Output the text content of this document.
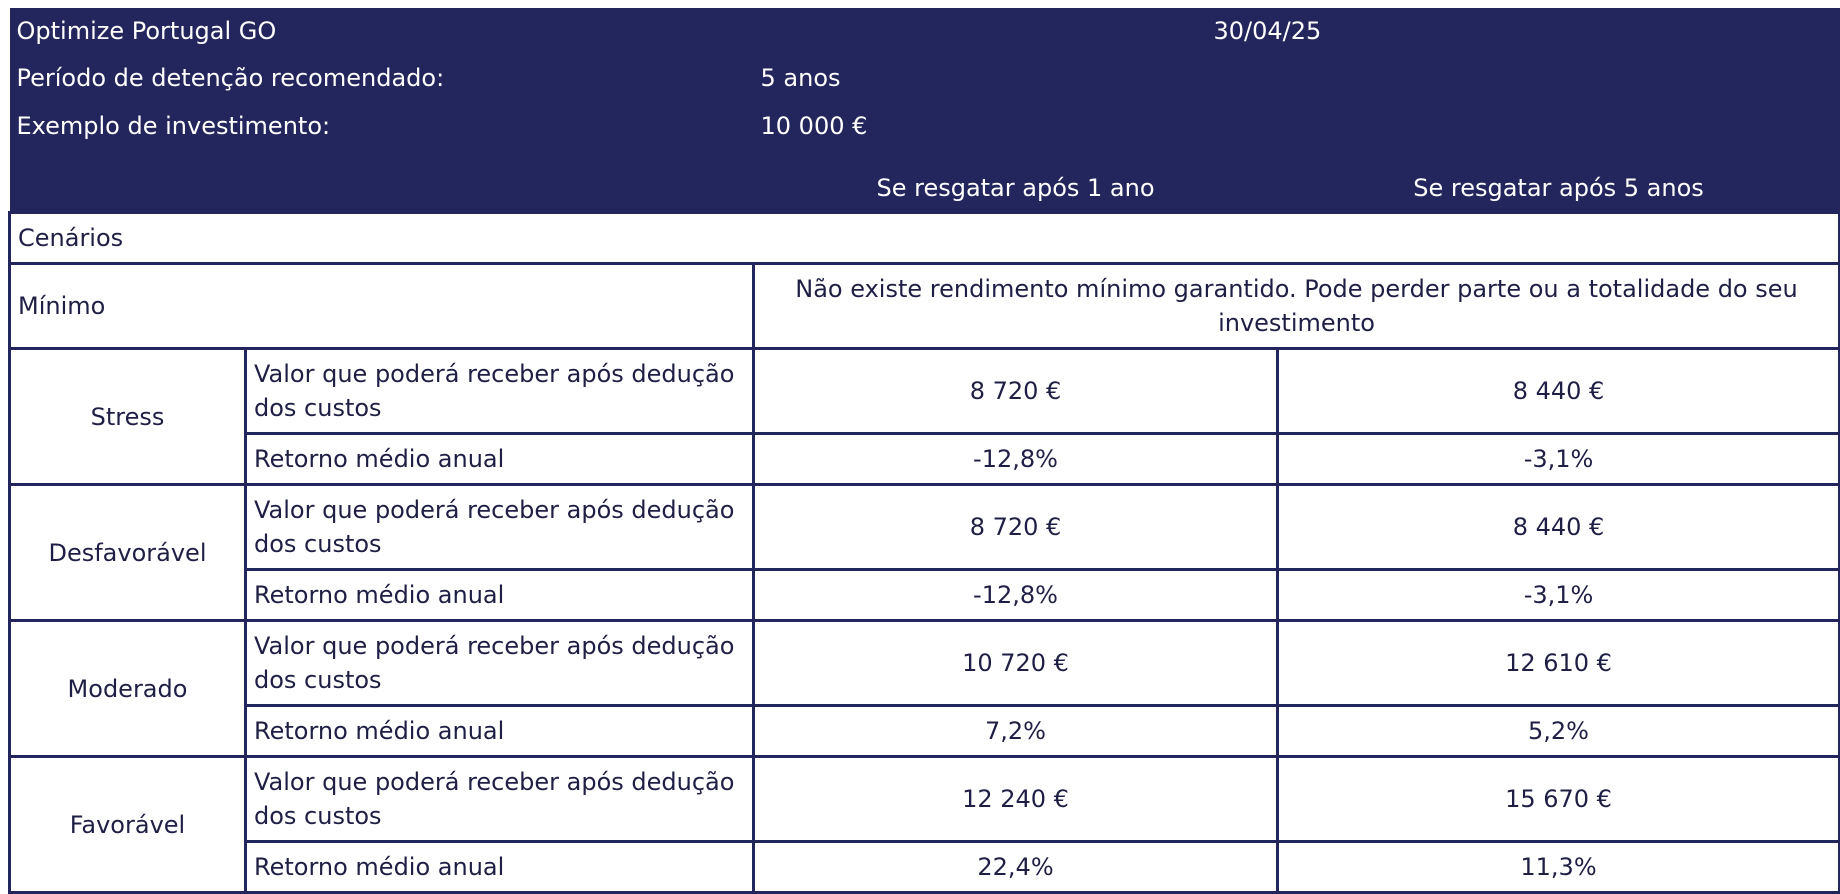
Optimize Portugal GO			30/04/25
Período de detenção recomendado:		5 anos	
Exemplo de investimento:		10 000 €	
		Se resgatar após 1 ano	Se resgatar após 5 anos
Cenários			
Mínimo		Não existe rendimento mínimo garantido. Pode perder parte ou a totalidade do seu investimento	
Stress	Valor que poderá receber após dedução dos custos	8 720 €	8 440 €
	Retorno médio anual	-12,8%	-3,1%
Desfavorável	Valor que poderá receber após dedução dos custos	8 720 €	8 440 €
	Retorno médio anual	-12,8%	-3,1%
Moderado	Valor que poderá receber após dedução dos custos	10 720 €	12 610 €
	Retorno médio anual	7,2%	5,2%
Favorável	Valor que poderá receber após dedução dos custos	12 240 €	15 670 €
	Retorno médio anual	22,4%	11,3%
